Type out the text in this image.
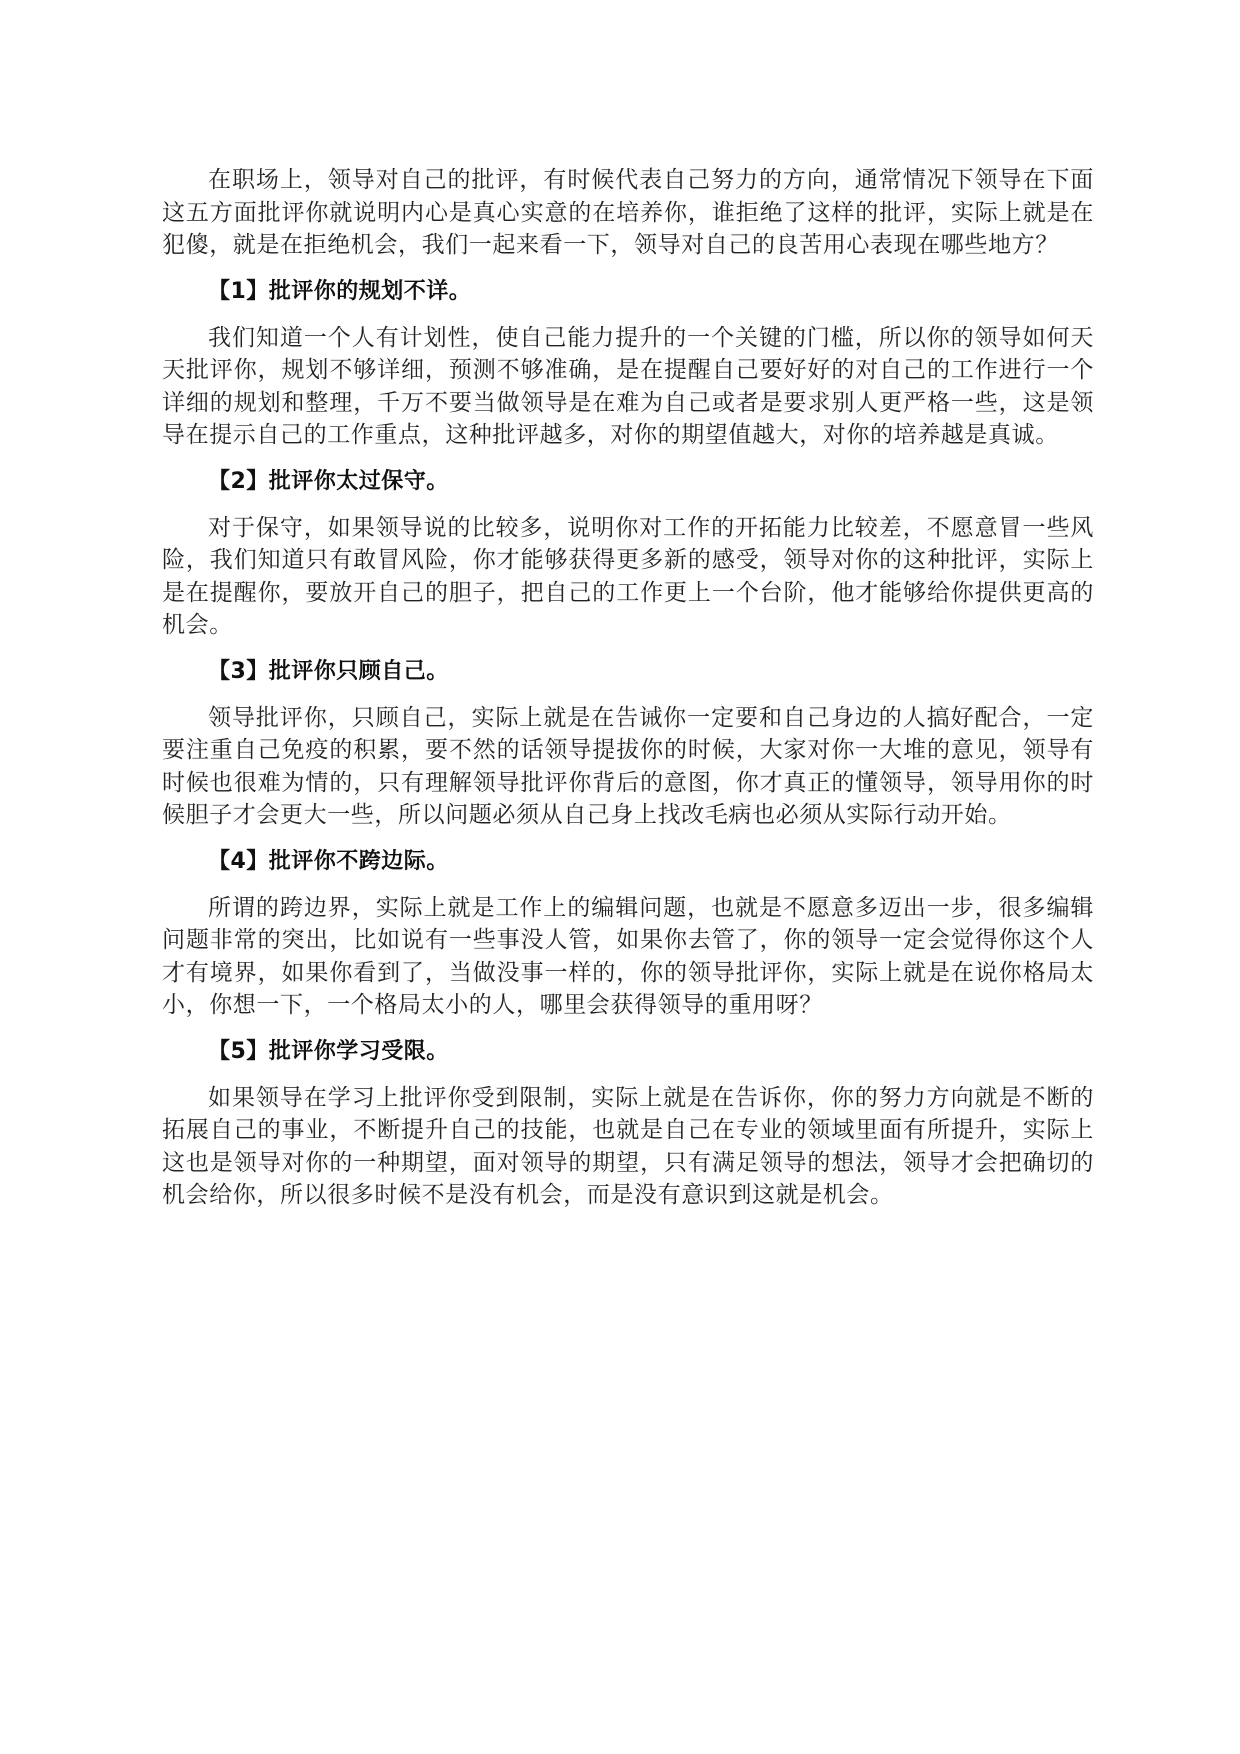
在职场上，领导对自己的批评，有时候代表自己努力的方向，通常情况下领导在下面这五方面批评你就说明内心是真心实意的在培养你，谁拒绝了这样的批评，实际上就是在犯傻，就是在拒绝机会，我们一起来看一下，领导对自己的良苦用心表现在哪些地方？

【1】批评你的规划不详。

我们知道一个人有计划性，使自己能力提升的一个关键的门槛，所以你的领导如何天天批评你，规划不够详细，预测不够准确，是在提醒自己要好好的对自己的工作进行一个详细的规划和整理，千万不要当做领导是在难为自己或者是要求别人更严格一些，这是领导在提示自己的工作重点，这种批评越多，对你的期望值越大，对你的培养越是真诚。

【2】批评你太过保守。

对于保守，如果领导说的比较多，说明你对工作的开拓能力比较差，不愿意冒一些风险，我们知道只有敢冒风险，你才能够获得更多新的感受，领导对你的这种批评，实际上是在提醒你，要放开自己的胆子，把自己的工作更上一个台阶，他才能够给你提供更高的机会。

【3】批评你只顾自己。

领导批评你，只顾自己，实际上就是在告诫你一定要和自己身边的人搞好配合，一定要注重自己免疫的积累，要不然的话领导提拔你的时候，大家对你一大堆的意见，领导有时候也很难为情的，只有理解领导批评你背后的意图，你才真正的懂领导，领导用你的时候胆子才会更大一些，所以问题必须从自己身上找改毛病也必须从实际行动开始。

【4】批评你不跨边际。

所谓的跨边界，实际上就是工作上的编辑问题，也就是不愿意多迈出一步，很多编辑问题非常的突出，比如说有一些事没人管，如果你去管了，你的领导一定会觉得你这个人才有境界，如果你看到了，当做没事一样的，你的领导批评你，实际上就是在说你格局太小，你想一下，一个格局太小的人，哪里会获得领导的重用呀？

【5】批评你学习受限。

如果领导在学习上批评你受到限制，实际上就是在告诉你，你的努力方向就是不断的拓展自己的事业，不断提升自己的技能，也就是自己在专业的领域里面有所提升，实际上这也是领导对你的一种期望，面对领导的期望，只有满足领导的想法，领导才会把确切的机会给你，所以很多时候不是没有机会，而是没有意识到这就是机会。
